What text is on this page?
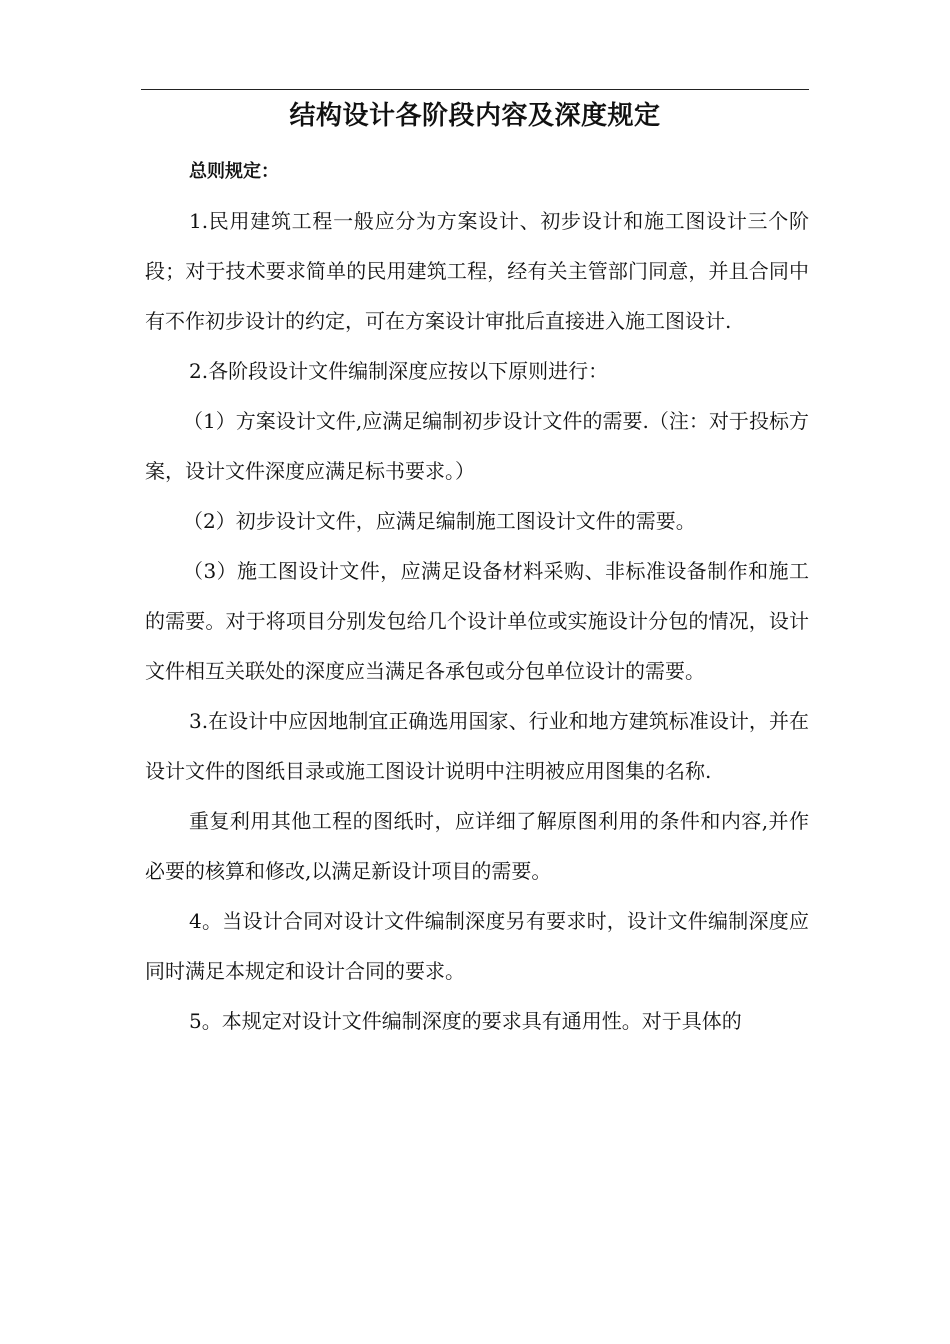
结构设计各阶段内容及深度规定

总则规定：

1.民用建筑工程一般应分为方案设计、初步设计和施工图设计三个阶段；对于技术要求简单的民用建筑工程，经有关主管部门同意，并且合同中有不作初步设计的约定，可在方案设计审批后直接进入施工图设计.

2.各阶段设计文件编制深度应按以下原则进行：

（1）方案设计文件,应满足编制初步设计文件的需要.（注：对于投标方案，设计文件深度应满足标书要求。）

（2）初步设计文件，应满足编制施工图设计文件的需要。

（3）施工图设计文件，应满足设备材料采购、非标准设备制作和施工的需要。对于将项目分别发包给几个设计单位或实施设计分包的情况，设计文件相互关联处的深度应当满足各承包或分包单位设计的需要。

3.在设计中应因地制宜正确选用国家、行业和地方建筑标准设计，并在设计文件的图纸目录或施工图设计说明中注明被应用图集的名称.

重复利用其他工程的图纸时，应详细了解原图利用的条件和内容,并作必要的核算和修改,以满足新设计项目的需要。

4。当设计合同对设计文件编制深度另有要求时，设计文件编制深度应同时满足本规定和设计合同的要求。

5。本规定对设计文件编制深度的要求具有通用性。对于具体的
